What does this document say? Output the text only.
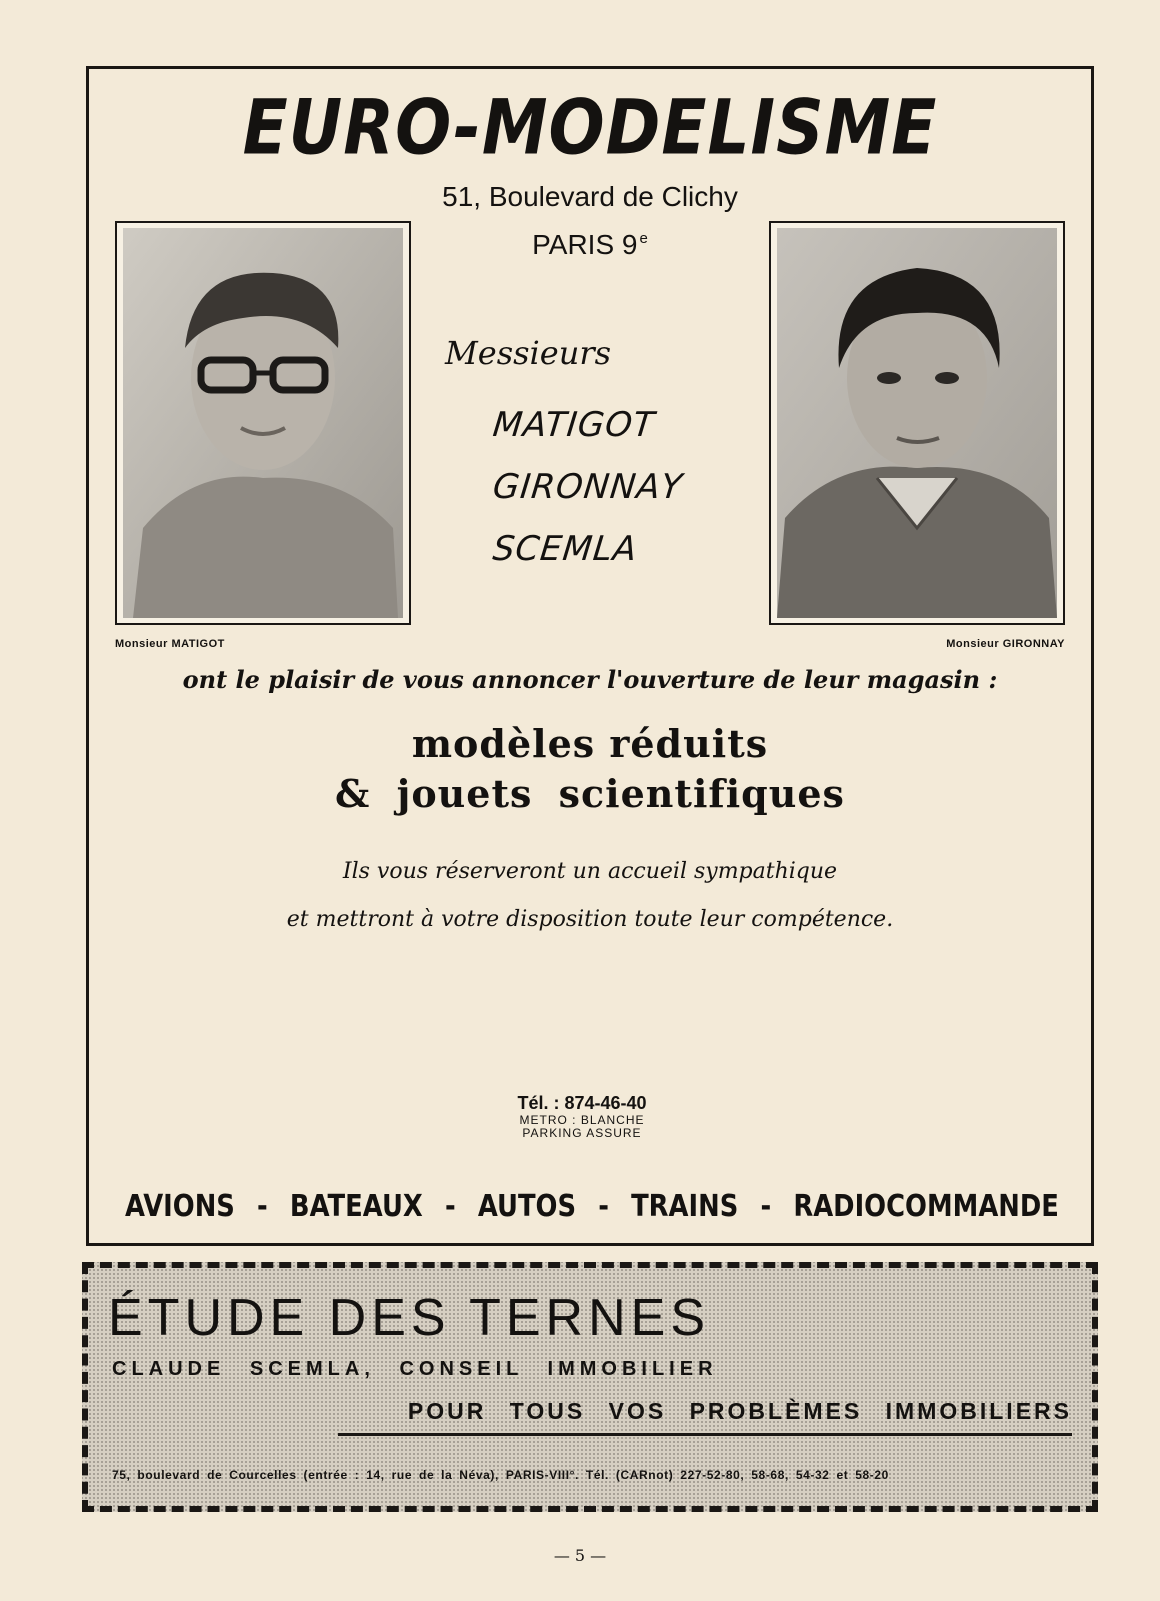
EURO-MODELISME
51, Boulevard de Clichy
PARIS 9 $^e$
Monsieur MATIGOT	Monsieur GIRONNAY
Messieurs
MATIGOT
GIRONNAY
SCEMLA
ont le plaisir de vous annoncer l'ouverture de leur magasin :
modèles réduits
& jouets scientifiques
Ils vous réserveront un accueil sympathique
et mettront à votre disposition toute leur compétence.
Tél. : 874-46-40
METRO : BLANCHE
PARKING ASSURE
AVIONS - BATEAUX - AUTOS - TRAINS - RADIOCOMMANDE
ÉTUDE DES TERNES
CLAUDE SCEMLA, CONSEIL IMMOBILIER
POUR TOUS VOS PROBLÈMES IMMOBILIERS
75, boulevard de Courcelles (entrée : 14, rue de la Néva), PARIS-VIII°. Tél. (CARnot) 227-52-80, 58-68, 54-32 et 58-20
— 5 —
